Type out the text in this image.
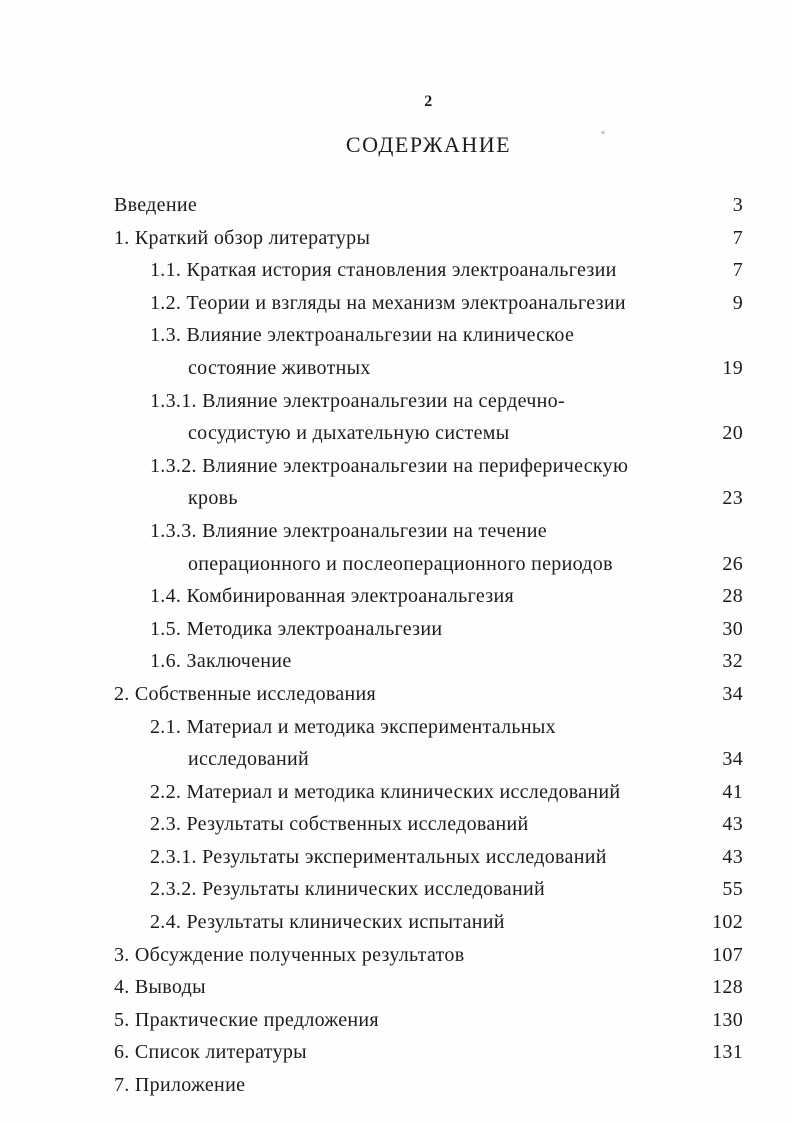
2
СОДЕРЖАНИЕ
Введение	3
1. Краткий обзор литературы	7
1.1. Краткая история становления электроанальгезии	7
1.2. Теории и взгляды на механизм электроанальгезии	9
1.3. Влияние электроанальгезии на клиническое
состояние животных	19
1.3.1. Влияние электроанальгезии на сердечно-
сосудистую и дыхательную системы	20
1.3.2. Влияние электроанальгезии на периферическую
кровь	23
1.3.3. Влияние электроанальгезии на течение
операционного и послеоперационного периодов	26
1.4. Комбинированная электроанальгезия	28
1.5. Методика электроанальгезии	30
1.6. Заключение	32
2. Собственные исследования	34
2.1. Материал и методика экспериментальных
исследований	34
2.2. Материал и методика клинических исследований	41
2.3. Результаты собственных исследований	43
2.3.1. Результаты экспериментальных исследований	43
2.3.2. Результаты клинических исследований	55
2.4. Результаты клинических испытаний	102
3. Обсуждение полученных результатов	107
4. Выводы	128
5. Практические предложения	130
6. Список литературы	131
7. Приложение
